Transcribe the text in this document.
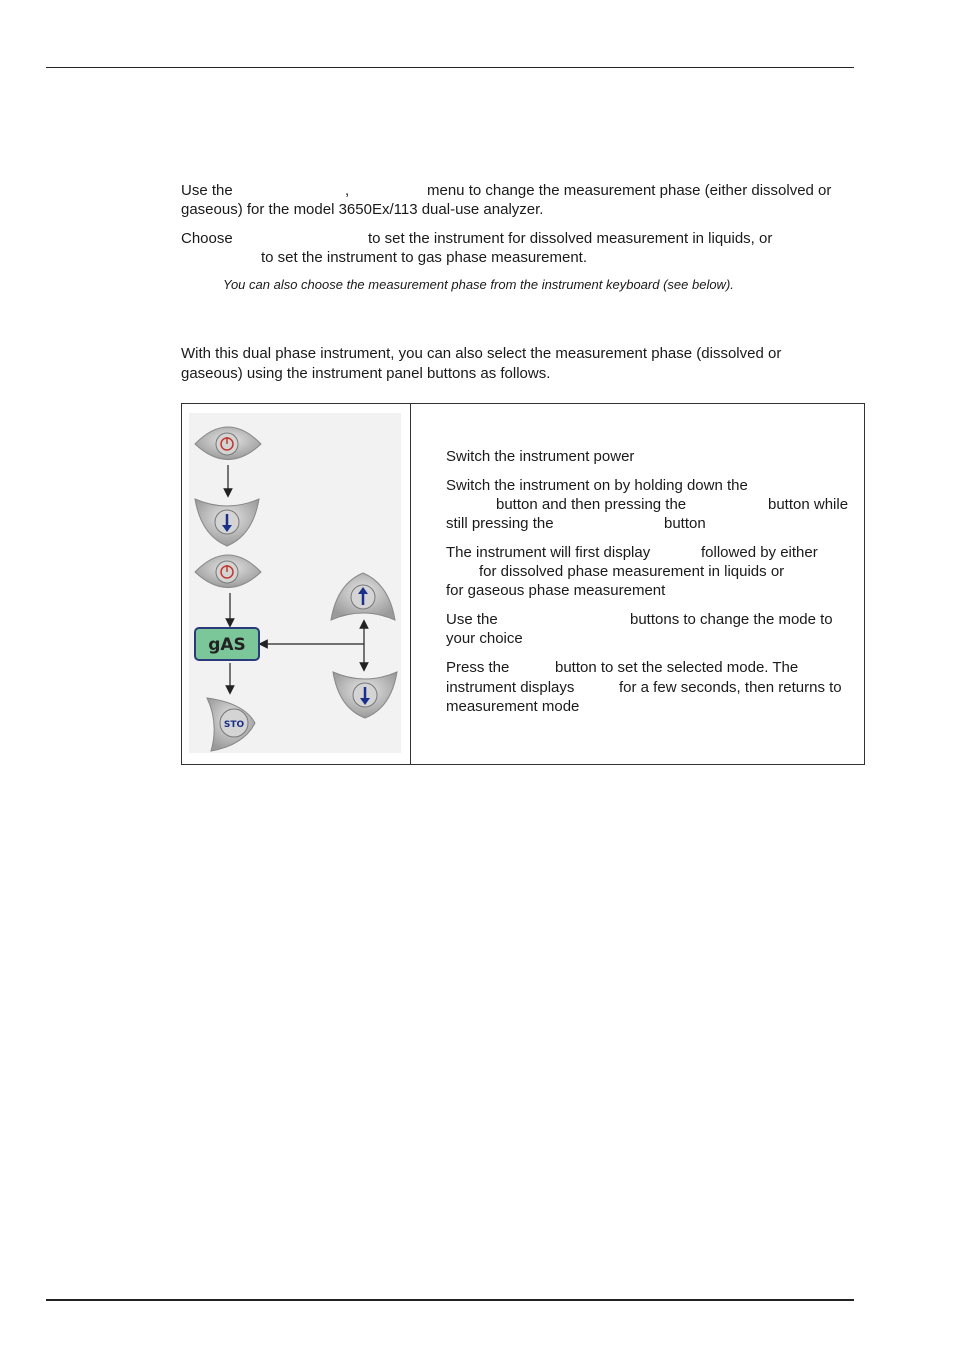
Use the	,	menu to change the measurement phase (either dissolved or
gaseous) for the model 3650Ex/113 dual-use analyzer.
Choose	to set the instrument for dissolved measurement in liquids, or
to set the instrument to gas phase measurement.
You can also choose the measurement phase from the instrument keyboard (see below).
With this dual phase instrument, you can also select the measurement phase (dissolved or
gaseous) using the instrument panel buttons as follows.
gAS
STO
Switch the instrument power
Switch the instrument on by holding down the
button and then pressing the	button while
still pressing the	button
The instrument will first display	followed by either
for dissolved phase measurement in liquids or
for gaseous phase measurement
Use the	buttons to change the mode to
your choice
Press the	button to set the selected mode. The
instrument displays	for a few seconds, then returns to
measurement mode
